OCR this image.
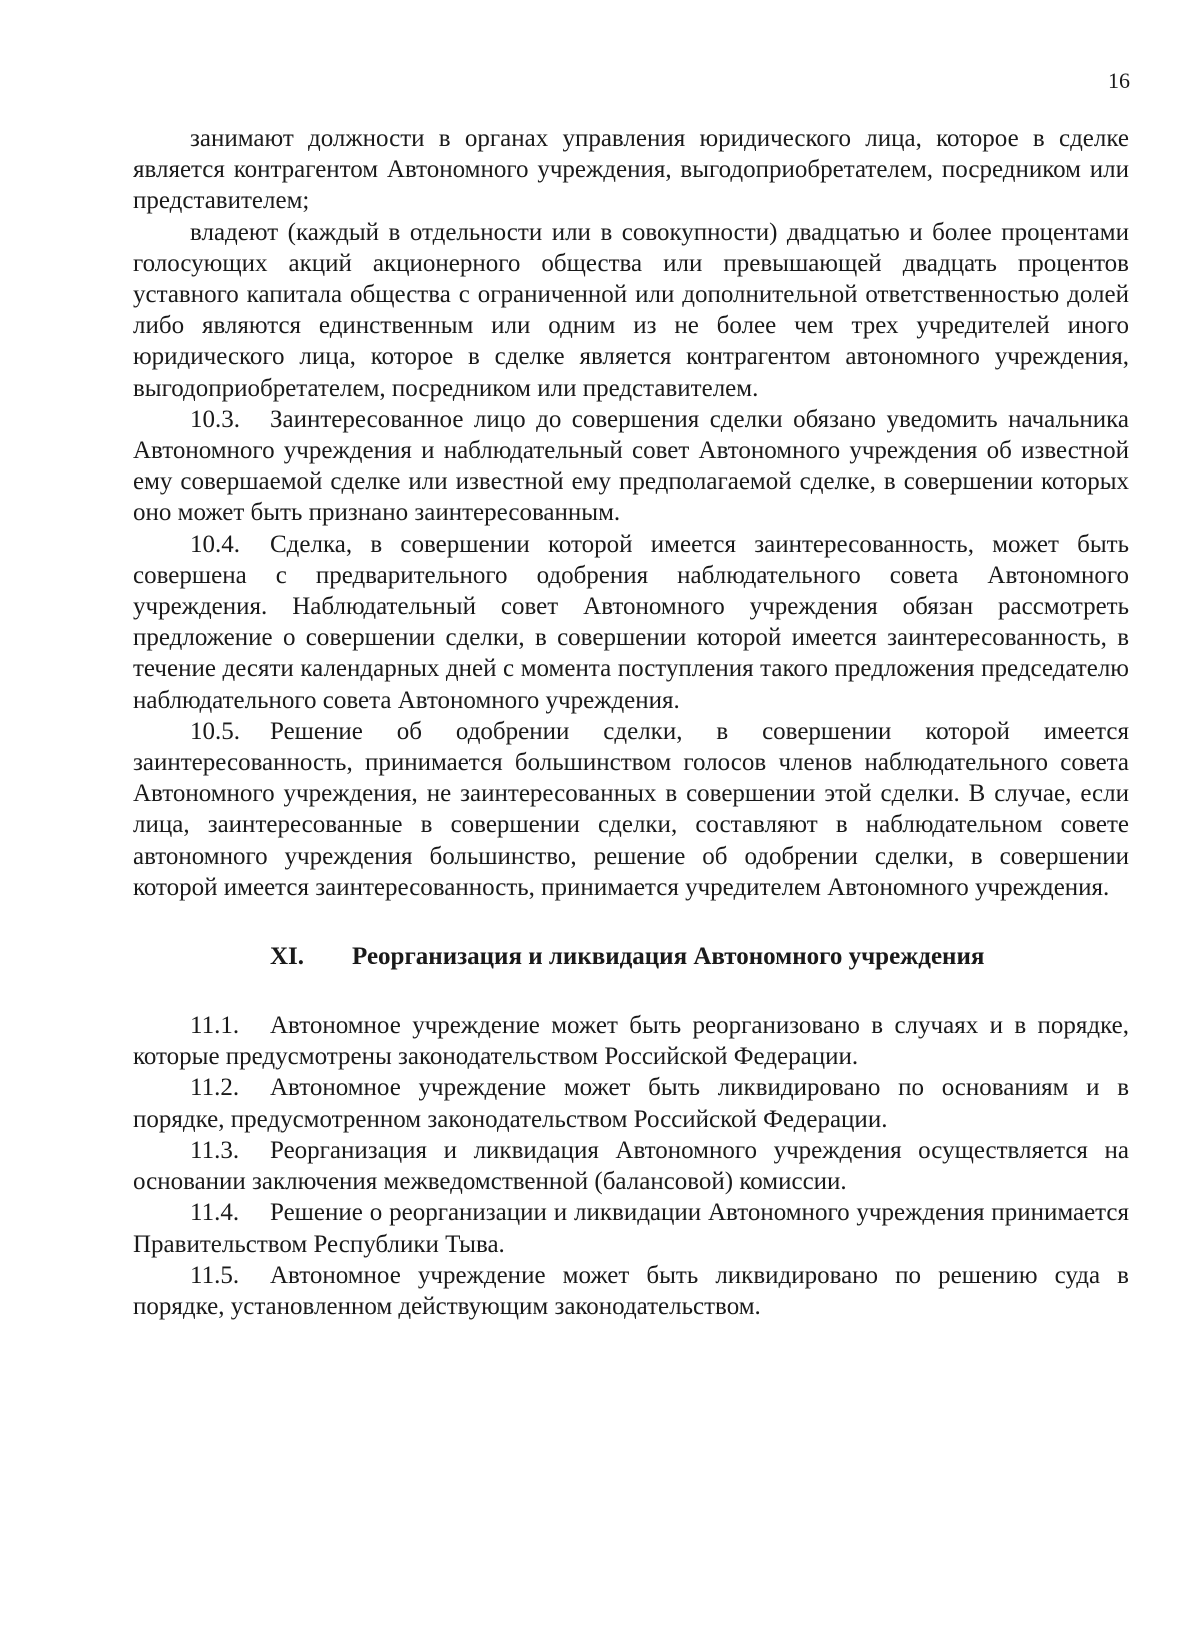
16

занимают должности в органах управления юридического лица, которое в сделке является контрагентом Автономного учреждения, выгодоприобретателем, посредником или представителем;

владеют (каждый в отдельности или в совокупности) двадцатью и более процентами голосующих акций акционерного общества или превышающей двадцать процентов уставного капитала общества с ограниченной или дополнительной ответственностью долей либо являются единственным или одним из не более чем трех учредителей иного юридического лица, которое в сделке является контрагентом автономного учреждения, выгодоприобретателем, посредником или представителем.

10.3. Заинтересованное лицо до совершения сделки обязано уведомить начальника Автономного учреждения и наблюдательный совет Автономного учреждения об известной ему совершаемой сделке или известной ему предполагаемой сделке, в совершении которых оно может быть признано заинтересованным.

10.4. Сделка, в совершении которой имеется заинтересованность, может быть совершена с предварительного одобрения наблюдательного совета Автономного учреждения. Наблюдательный совет Автономного учреждения обязан рассмотреть предложение о совершении сделки, в совершении которой имеется заинтересованность, в течение десяти календарных дней с момента поступления такого предложения председателю наблюдательного совета Автономного учреждения.

10.5. Решение об одобрении сделки, в совершении которой имеется заинтересованность, принимается большинством голосов членов наблюдательного совета Автономного учреждения, не заинтересованных в совершении этой сделки. В случае, если лица, заинтересованные в совершении сделки, составляют в наблюдательном совете автономного учреждения большинство, решение об одобрении сделки, в совершении которой имеется заинтересованность, принимается учредителем Автономного учреждения.

XI. Реорганизация и ликвидация Автономного учреждения

11.1. Автономное учреждение может быть реорганизовано в случаях и в порядке, которые предусмотрены законодательством Российской Федерации.

11.2. Автономное учреждение может быть ликвидировано по основаниям и в порядке, предусмотренном законодательством Российской Федерации.

11.3. Реорганизация и ликвидация Автономного учреждения осуществляется на основании заключения межведомственной (балансовой) комиссии.

11.4. Решение о реорганизации и ликвидации Автономного учреждения принимается Правительством Республики Тыва.

11.5. Автономное учреждение может быть ликвидировано по решению суда в порядке, установленном действующим законодательством.
